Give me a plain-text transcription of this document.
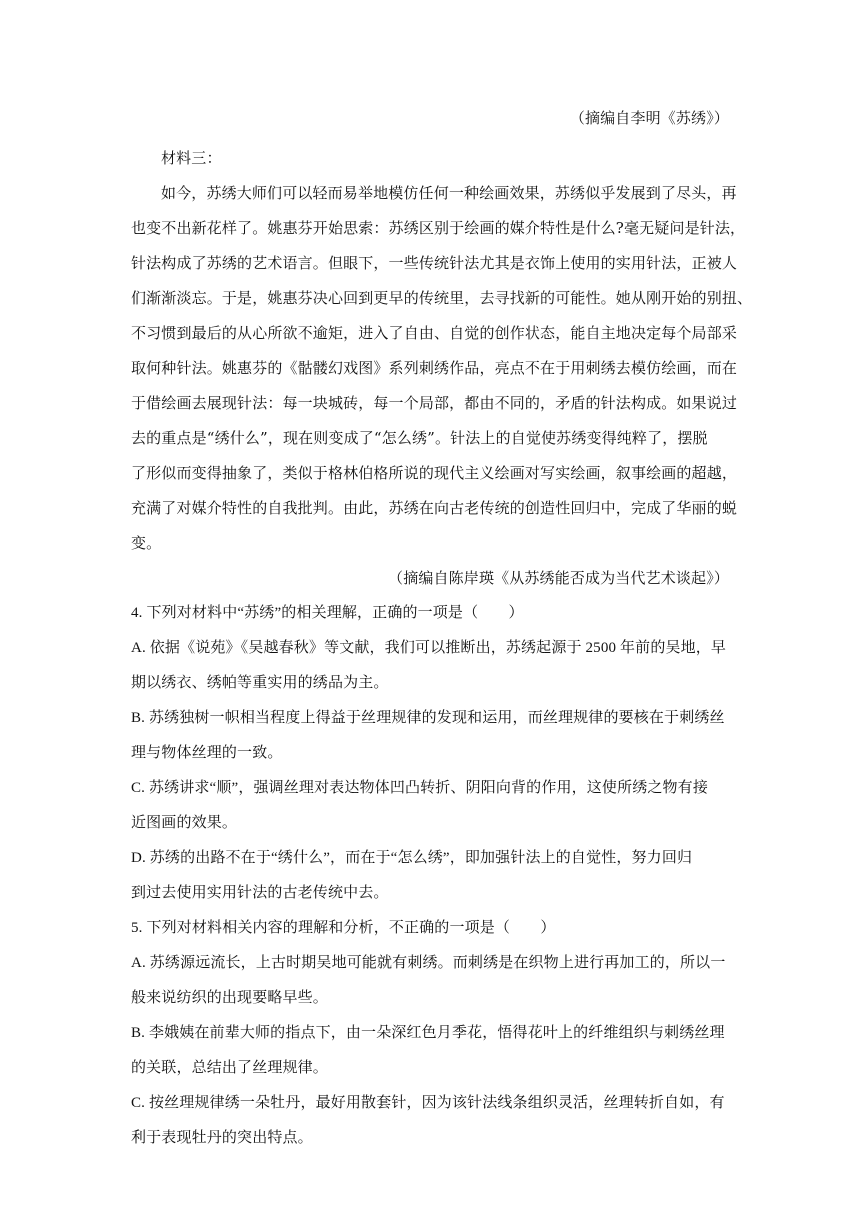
（摘编自李明《苏绣》）
材料三：
如今，苏绣大师们可以轻而易举地模仿任何一种绘画效果，苏绣似乎发展到了尽头，再
也变不出新花样了。姚惠芬开始思索：苏绣区别于绘画的媒介特性是什么?毫无疑问是针法，
针法构成了苏绣的艺术语言。但眼下，一些传统针法尤其是衣饰上使用的实用针法，正被人
们渐渐淡忘。于是，姚惠芬决心回到更早的传统里，去寻找新的可能性。她从刚开始的别扭、
不习惯到最后的从心所欲不逾矩，进入了自由、自觉的创作状态，能自主地决定每个局部采
取何种针法。姚惠芬的《骷髅幻戏图》系列刺绣作品，亮点不在于用刺绣去模仿绘画，而在
于借绘画去展现针法：每一块城砖，每一个局部，都由不同的，矛盾的针法构成。如果说过
去的重点是“绣什么”，现在则变成了“怎么绣”。针法上的自觉使苏绣变得纯粹了，摆脱
了形似而变得抽象了，类似于格林伯格所说的现代主义绘画对写实绘画，叙事绘画的超越，
充满了对媒介特性的自我批判。由此，苏绣在向古老传统的创造性回归中，完成了华丽的蜕
变。
（摘编自陈岸瑛《从苏绣能否成为当代艺术谈起》）
4. 下列对材料中“苏绣”的相关理解，正确的一项是（　　）
A. 依据《说苑》《吴越春秋》等文献，我们可以推断出，苏绣起源于 2500 年前的吴地，早
期以绣衣、绣帕等重实用的绣品为主。
B. 苏绣独树一帜相当程度上得益于丝理规律的发现和运用，而丝理规律的要核在于刺绣丝
理与物体丝理的一致。
C. 苏绣讲求“顺”，强调丝理对表达物体凹凸转折、阴阳向背的作用，这使所绣之物有接
近图画的效果。
D. 苏绣的出路不在于“绣什么”，而在于“怎么绣”，即加强针法上的自觉性，努力回归
到过去使用实用针法的古老传统中去。
5. 下列对材料相关内容的理解和分析，不正确的一项是（　　）
A. 苏绣源远流长，上古时期吴地可能就有刺绣。而刺绣是在织物上进行再加工的，所以一
般来说纺织的出现要略早些。
B. 李娥姨在前辈大师的指点下，由一朵深红色月季花，悟得花叶上的纤维组织与刺绣丝理
的关联，总结出了丝理规律。
C. 按丝理规律绣一朵牡丹，最好用散套针，因为该针法线条组织灵活，丝理转折自如，有
利于表现牡丹的突出特点。
